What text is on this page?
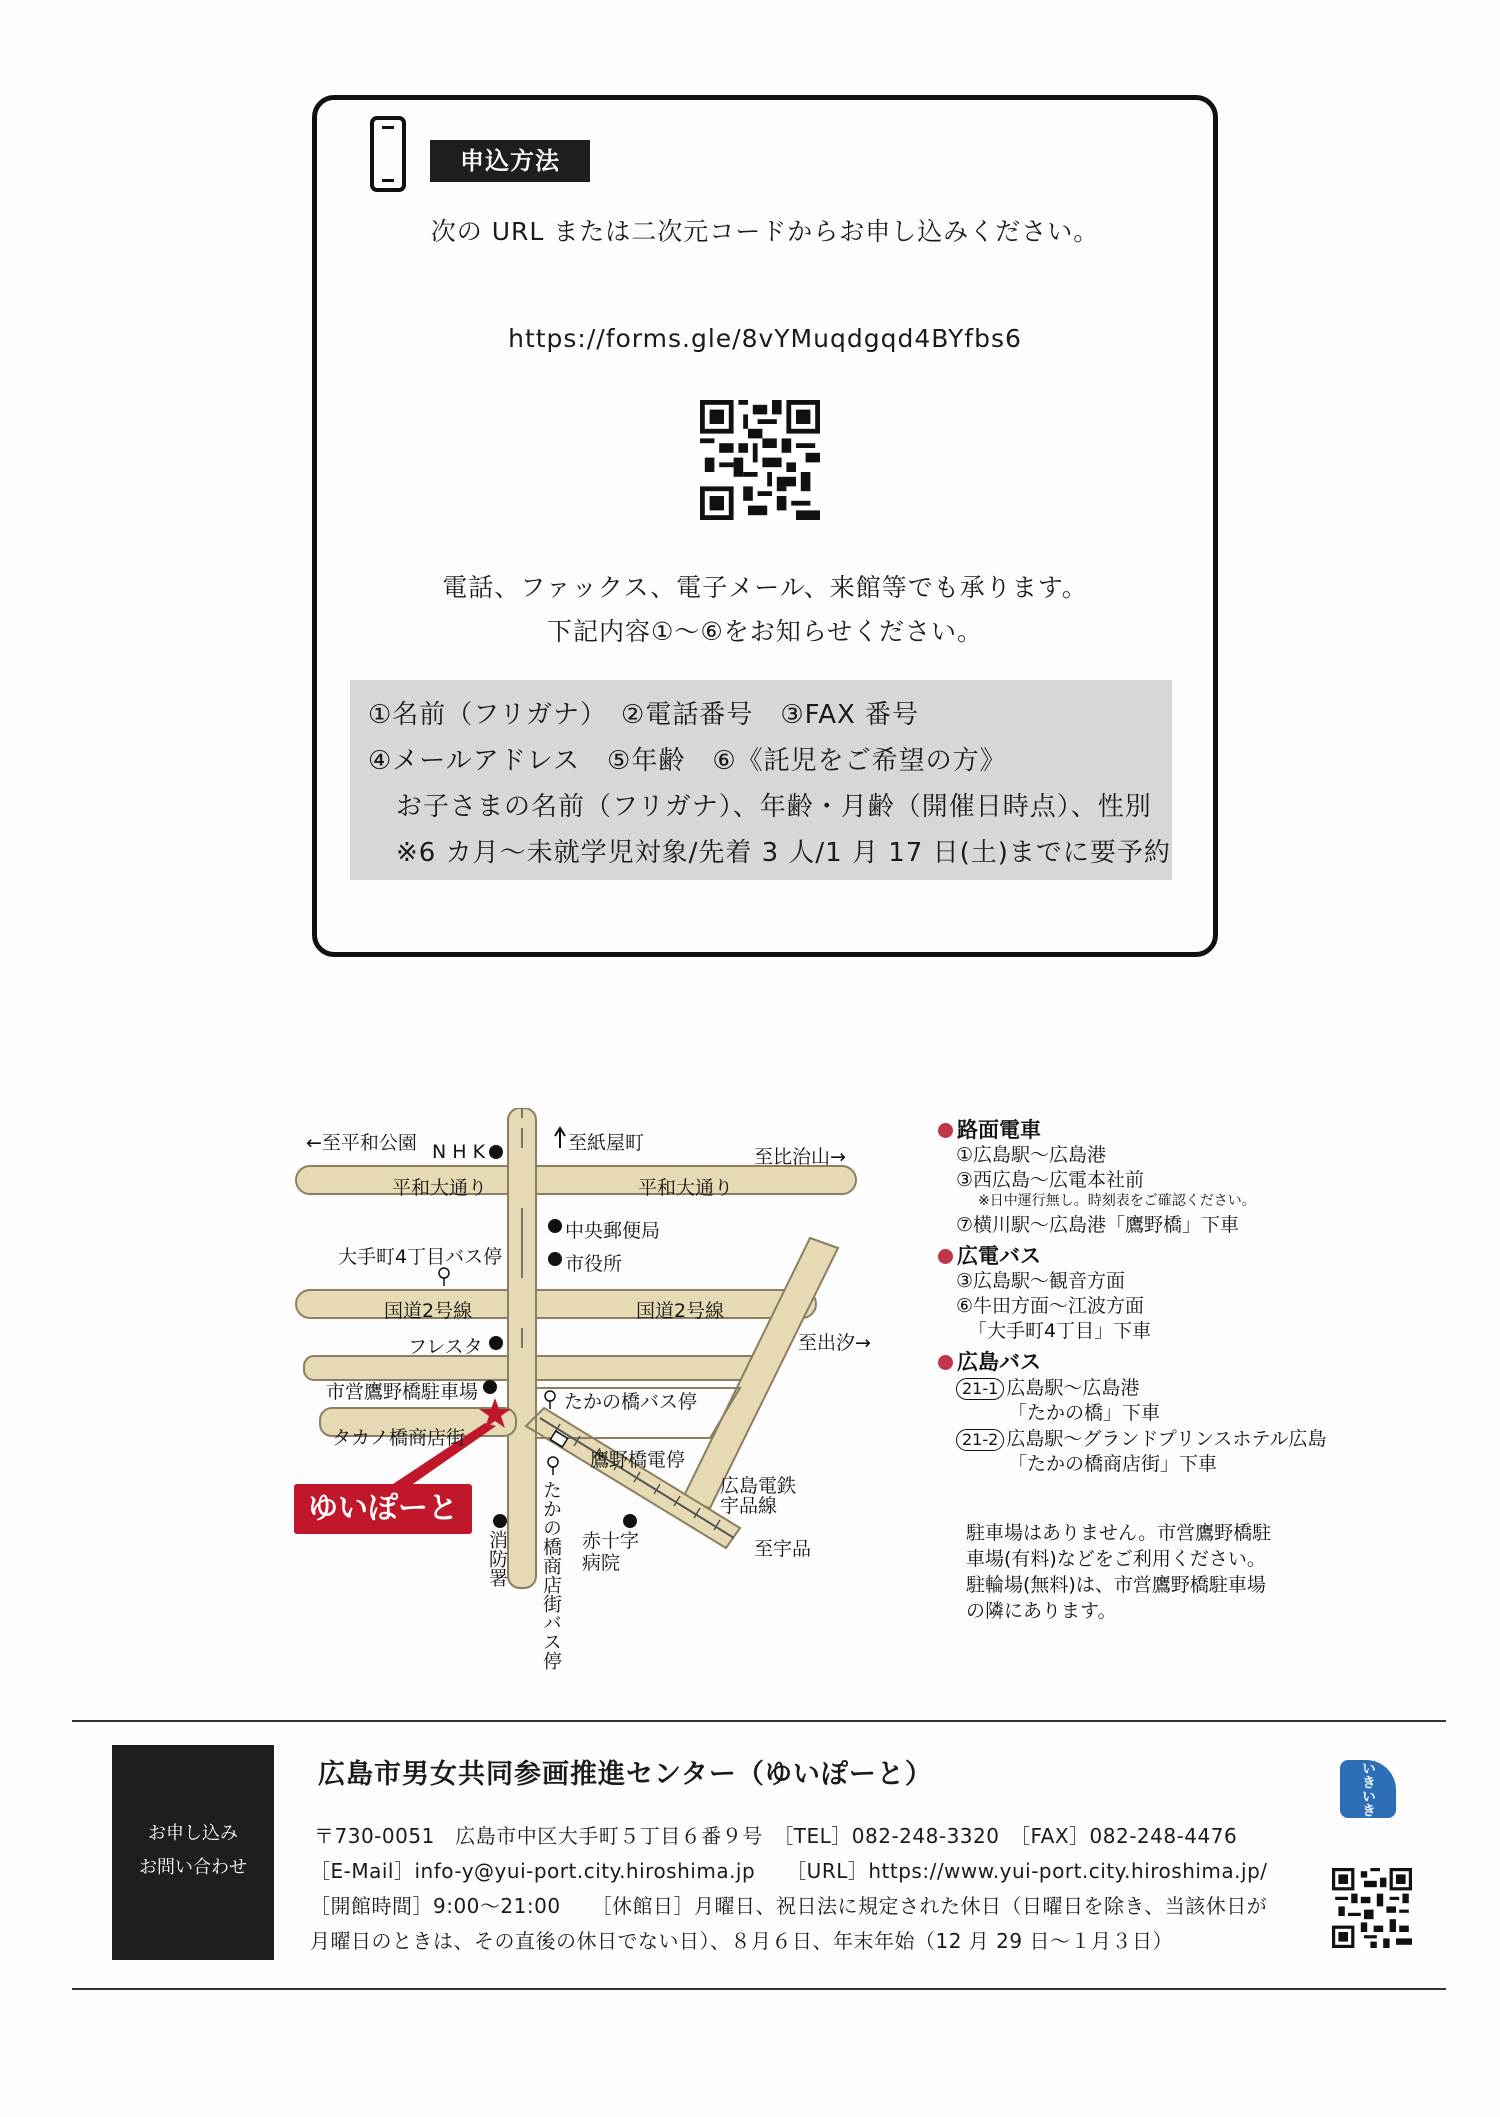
申込方法
次の URL または二次元コードからお申し込みください。
https://forms.gle/8vYMuqdgqd4BYfbs6
電話、ファックス、電子メール、来館等でも承ります。
下記内容①～⑥をお知らせください。
①名前（フリガナ）　②電話番号　③FAX 番号
④メールアドレス　⑤年齢　⑥《託児をご希望の方》
お子さまの名前（フリガナ）、年齢・月齢（開催日時点）、性別
※6 カ月～未就学児対象/先着 3 人/1 月 17 日(土)までに要予約
←至平和公園 N H K	至紙屋町
至比治山→
平和大通り	平和大通り
中央郵便局
市役所
大手町4丁目バス停
国道2号線	国道2号線
至出汐→
フレスタ
市営鷹野橋駐車場	たかの橋バス停
タカノ橋商店街
鷹野橋電停
広島電鉄
宇品線
ゆいぽーと
消防署 たかの橋商店街バス停 赤十字
病院
至宇品
路面電車
①広島駅～広島港
③西広島～広電本社前
※日中運行無し。時刻表をご確認ください。
⑦横川駅～広島港「鷹野橋」下車
広電バス
③広島駅～観音方面
⑥牛田方面～江波方面
「大手町4丁目」下車
広島バス
21-1 広島駅～広島港
「たかの橋」下車
21-2 広島駅～グランドプリンスホテル広島
「たかの橋商店街」下車
駐車場はありません。市営鷹野橋駐
車場(有料)などをご利用ください。
駐輪場(無料)は、市営鷹野橋駐車場
の隣にあります。
お申し込み
お問い合わせ
広島市男女共同参画推進センター（ゆいぽーと）
〒730-0051　広島市中区大手町５丁目６番９号　［TEL］082-248-3320　［FAX］082-248-4476
［E-Mail］info-y@yui-port.city.hiroshima.jp　　［URL］https://www.yui-port.city.hiroshima.jp/
［開館時間］9:00～21:00　　［休館日］月曜日、祝日法に規定された休日（日曜日を除き、当該休日が
月曜日のときは、その直後の休日でない日）、８月６日、年末年始（12 月 29 日～１月３日）
いきいき
